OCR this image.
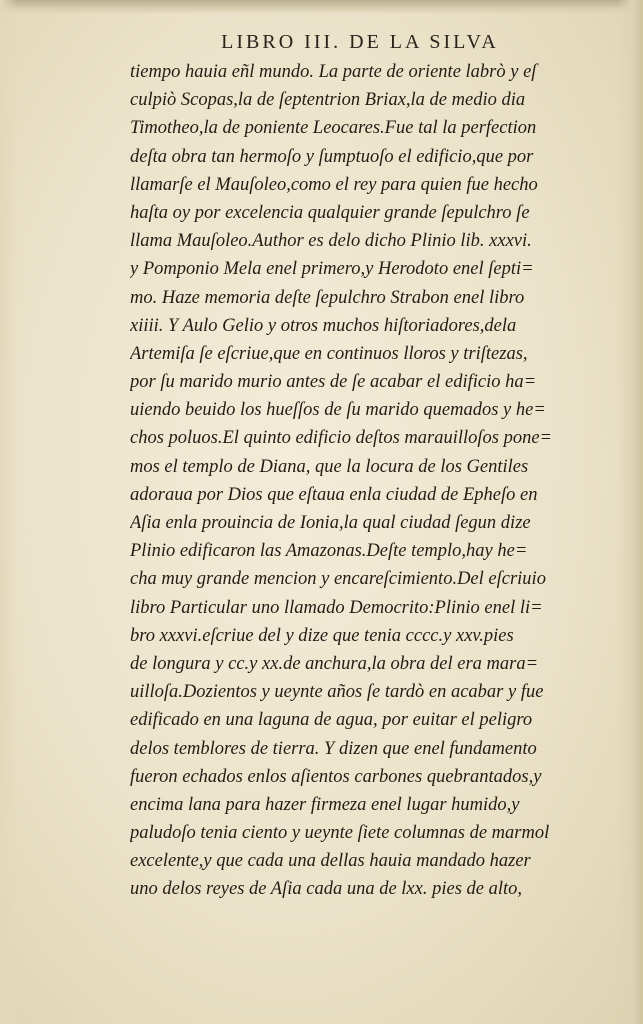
LIBRO III. DE LA SILVA
tiempo hauia eñl mundo. La parte de oriente labrò y eſ
culpiò Scopas,la de ſeptentrion Briax,la de medio dia
Timotheo,la de poniente Leocares.Fue tal la perfection
deſta obra tan hermoſo y ſumptuoſo el edificio,que por
llamarſe el Mauſoleo,como el rey para quien fue hecho
haſta oy por excelencia qualquier grande ſepulchro ſe
llama Mauſoleo.Author es delo dicho Plinio lib. xxxvi.
y Pomponio Mela enel primero,y Herodoto enel ſepti=
mo. Haze memoria deſte ſepulchro Strabon enel libro
xiiii. Y Aulo Gelio y otros muchos hiſtoriadores,dela
Artemiſa ſe eſcriue,que en continuos lloros y triſtezas,
por ſu marido murio antes de ſe acabar el edificio ha=
uiendo beuido los hueſſos de ſu marido quemados y he=
chos poluos.El quinto edificio deſtos marauilloſos pone=
mos el templo de Diana, que la locura de los Gentiles
adoraua por Dios que eſtaua enla ciudad de Epheſo en
Aſia enla prouincia de Ionia,la qual ciudad ſegun dize
Plinio edificaron las Amazonas.Deſte templo,hay he=
cha muy grande mencion y encareſcimiento.Del eſcriuio
libro Particular uno llamado Democrito:Plinio enel li=
bro xxxvi.eſcriue del y dize que tenia cccc.y xxv.pies
de longura y cc.y xx.de anchura,la obra del era mara=
uilloſa.Dozientos y ueynte años ſe tardò en acabar y fue
edificado en una laguna de agua, por euitar el peligro
delos temblores de tierra. Y dizen que enel fundamento
fueron echados enlos aſientos carbones quebrantados,y
encima lana para hazer firmeza enel lugar humido,y
paludoſo tenia ciento y ueynte ſiete columnas de marmol
excelente,y que cada una dellas hauia mandado hazer
uno delos reyes de Aſia cada una de lxx. pies de alto,
